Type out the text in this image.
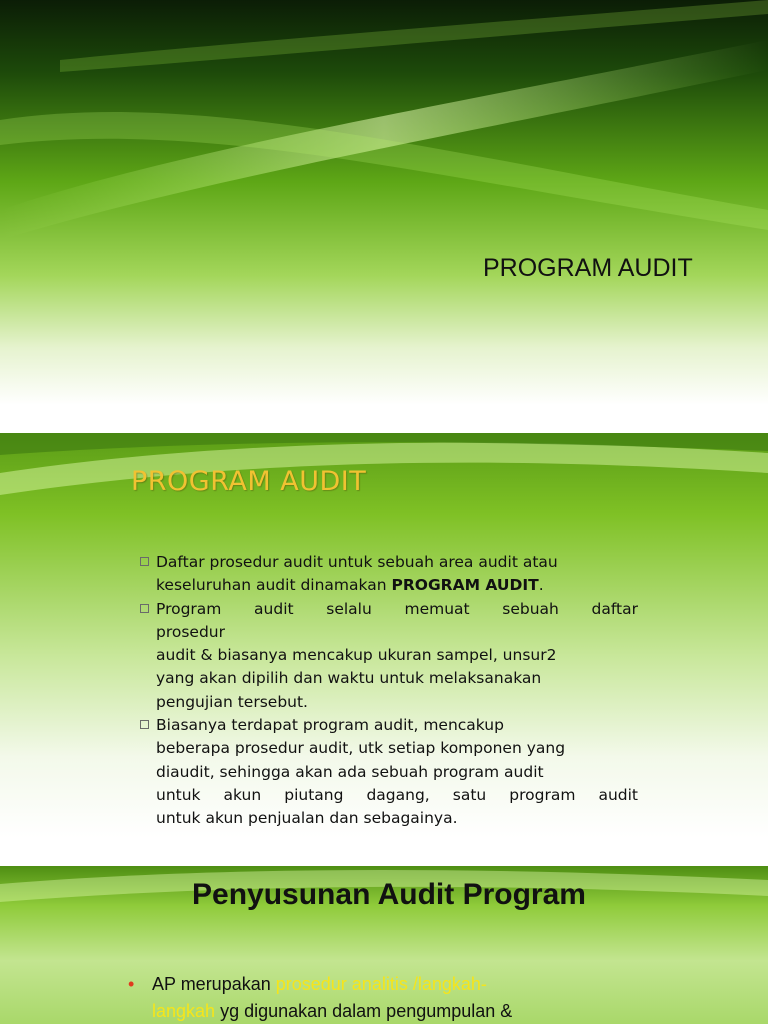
PROGRAM AUDIT
PROGRAM AUDIT
Daftar prosedur audit untuk sebuah area audit atau
keseluruhan audit dinamakan PROGRAM AUDIT.
Program audit selalu memuat sebuah daftar
prosedur
audit & biasanya mencakup ukuran sampel, unsur2
yang akan dipilih dan waktu untuk melaksanakan
pengujian tersebut.
Biasanya terdapat program audit, mencakup
beberapa prosedur audit, utk setiap komponen yang
diaudit, sehingga akan ada sebuah program audit
untuk akun piutang dagang, satu program audit
untuk akun penjualan dan sebagainya.
Penyusunan Audit Program
• AP merupakan prosedur analitis /langkah-
langkah yg digunakan dalam pengumpulan &
